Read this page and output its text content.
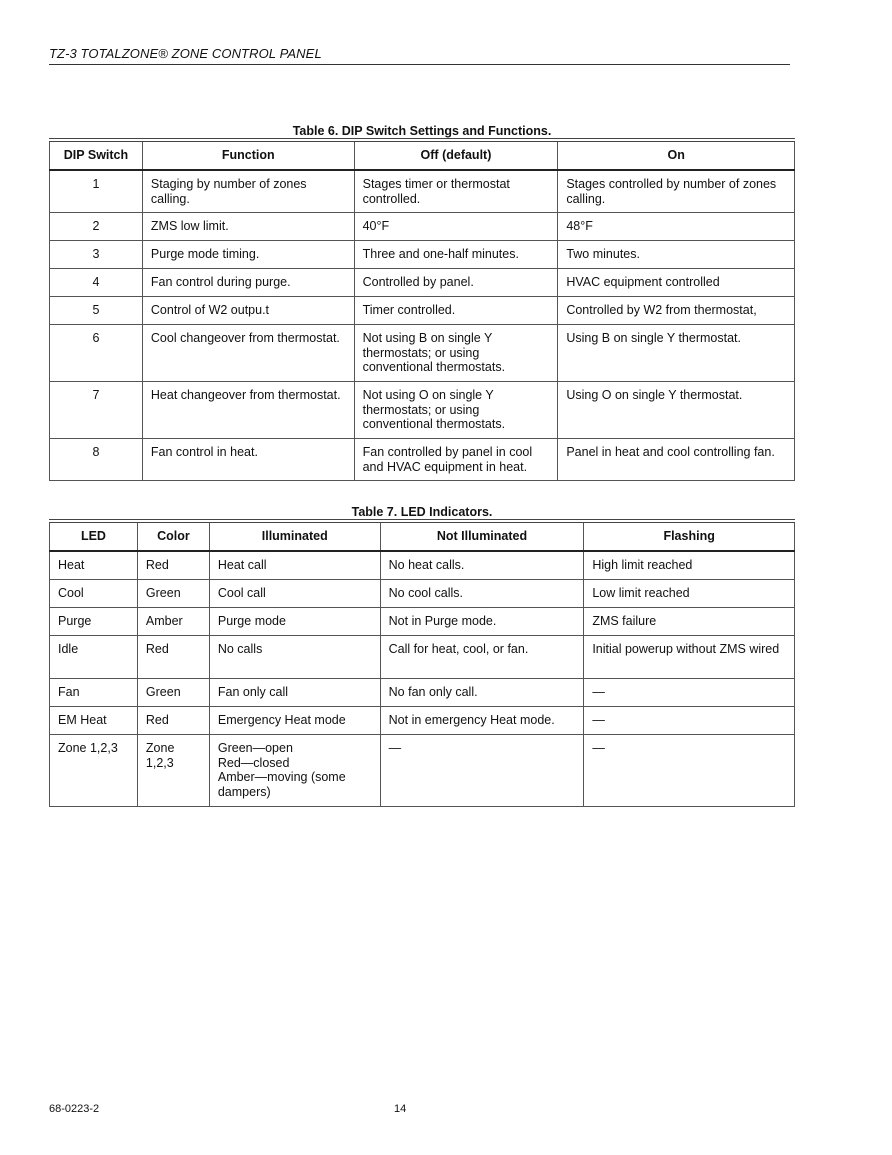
TZ-3 TOTALZONE® ZONE CONTROL PANEL
Table 6. DIP Switch Settings and Functions.
DIP Switch	Function	Off (default)	On
1	Staging by number of zones calling.	Stages timer or thermostat controlled.	Stages controlled by number of zones calling.
2	ZMS low limit.	40°F	48°F
3	Purge mode timing.	Three and one-half minutes.	Two minutes.
4	Fan control during purge.	Controlled by panel.	HVAC equipment controlled
5	Control of W2 outpu.t	Timer controlled.	Controlled by W2 from thermostat,
6	Cool changeover from thermostat.	Not using B on single Y thermostats; or using conventional thermostats.	Using B on single Y thermostat.
7	Heat changeover from thermostat.	Not using O on single Y thermostats; or using conventional thermostats.	Using O on single Y thermostat.
8	Fan control in heat.	Fan controlled by panel in cool and HVAC equipment in heat.	Panel in heat and cool controlling fan.
Table 7. LED Indicators.
LED	Color	Illuminated	Not Illuminated	Flashing
Heat	Red	Heat call	No heat calls.	High limit reached
Cool	Green	Cool call	No cool calls.	Low limit reached
Purge	Amber	Purge mode	Not in Purge mode.	ZMS failure
Idle	Red	No calls	Call for heat, cool, or fan.	Initial powerup without ZMS wired
Fan	Green	Fan only call	No fan only call.	—
EM Heat	Red	Emergency Heat mode	Not in emergency Heat mode.	—
Zone 1,2,3	Zone 1,2,3	Green—open
Red—closed
Amber—moving (some
dampers)	—	—
68-0223-2	14
